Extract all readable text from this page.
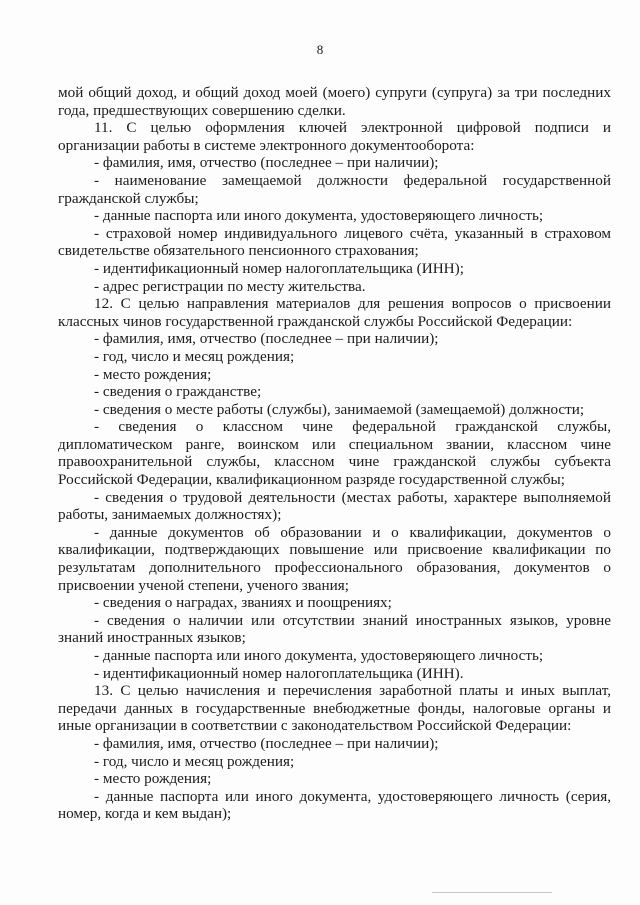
8

мой общий доход, и общий доход моей (моего) супруги (супруга) за три последних года, предшествующих совершению сделки.

11. С целью оформления ключей электронной цифровой подписи и организации работы в системе электронного документооборота:

- фамилия, имя, отчество (последнее – при наличии);

- наименование замещаемой должности федеральной государственной гражданской службы;

- данные паспорта или иного документа, удостоверяющего личность;

- страховой номер индивидуального лицевого счёта, указанный в страховом свидетельстве обязательного пенсионного страхования;

- идентификационный номер налогоплательщика (ИНН);

- адрес регистрации по месту жительства.

12. С целью направления материалов для решения вопросов о присвоении классных чинов государственной гражданской службы Российской Федерации:

- фамилия, имя, отчество (последнее – при наличии);

- год, число и месяц рождения;

- место рождения;

- сведения о гражданстве;

- сведения о месте работы (службы), занимаемой (замещаемой) должности;

- сведения о классном чине федеральной гражданской службы, дипломатическом ранге, воинском или специальном звании, классном чине правоохранительной службы, классном чине гражданской службы субъекта Российской Федерации, квалификационном разряде государственной службы;

- сведения о трудовой деятельности (местах работы, характере выполняемой работы, занимаемых должностях);

- данные документов об образовании и о квалификации, документов о квалификации, подтверждающих повышение или присвоение квалификации по результатам дополнительного профессионального образования, документов о присвоении ученой степени, ученого звания;

- сведения о наградах, званиях и поощрениях;

- сведения о наличии или отсутствии знаний иностранных языков, уровне знаний иностранных языков;

- данные паспорта или иного документа, удостоверяющего личность;

- идентификационный номер налогоплательщика (ИНН).

13. С целью начисления и перечисления заработной платы и иных выплат, передачи данных в государственные внебюджетные фонды, налоговые органы и иные организации в соответствии с законодательством Российской Федерации:

- фамилия, имя, отчество (последнее – при наличии);

- год, число и месяц рождения;

- место рождения;

- данные паспорта или иного документа, удостоверяющего личность (серия, номер, когда и кем выдан);
